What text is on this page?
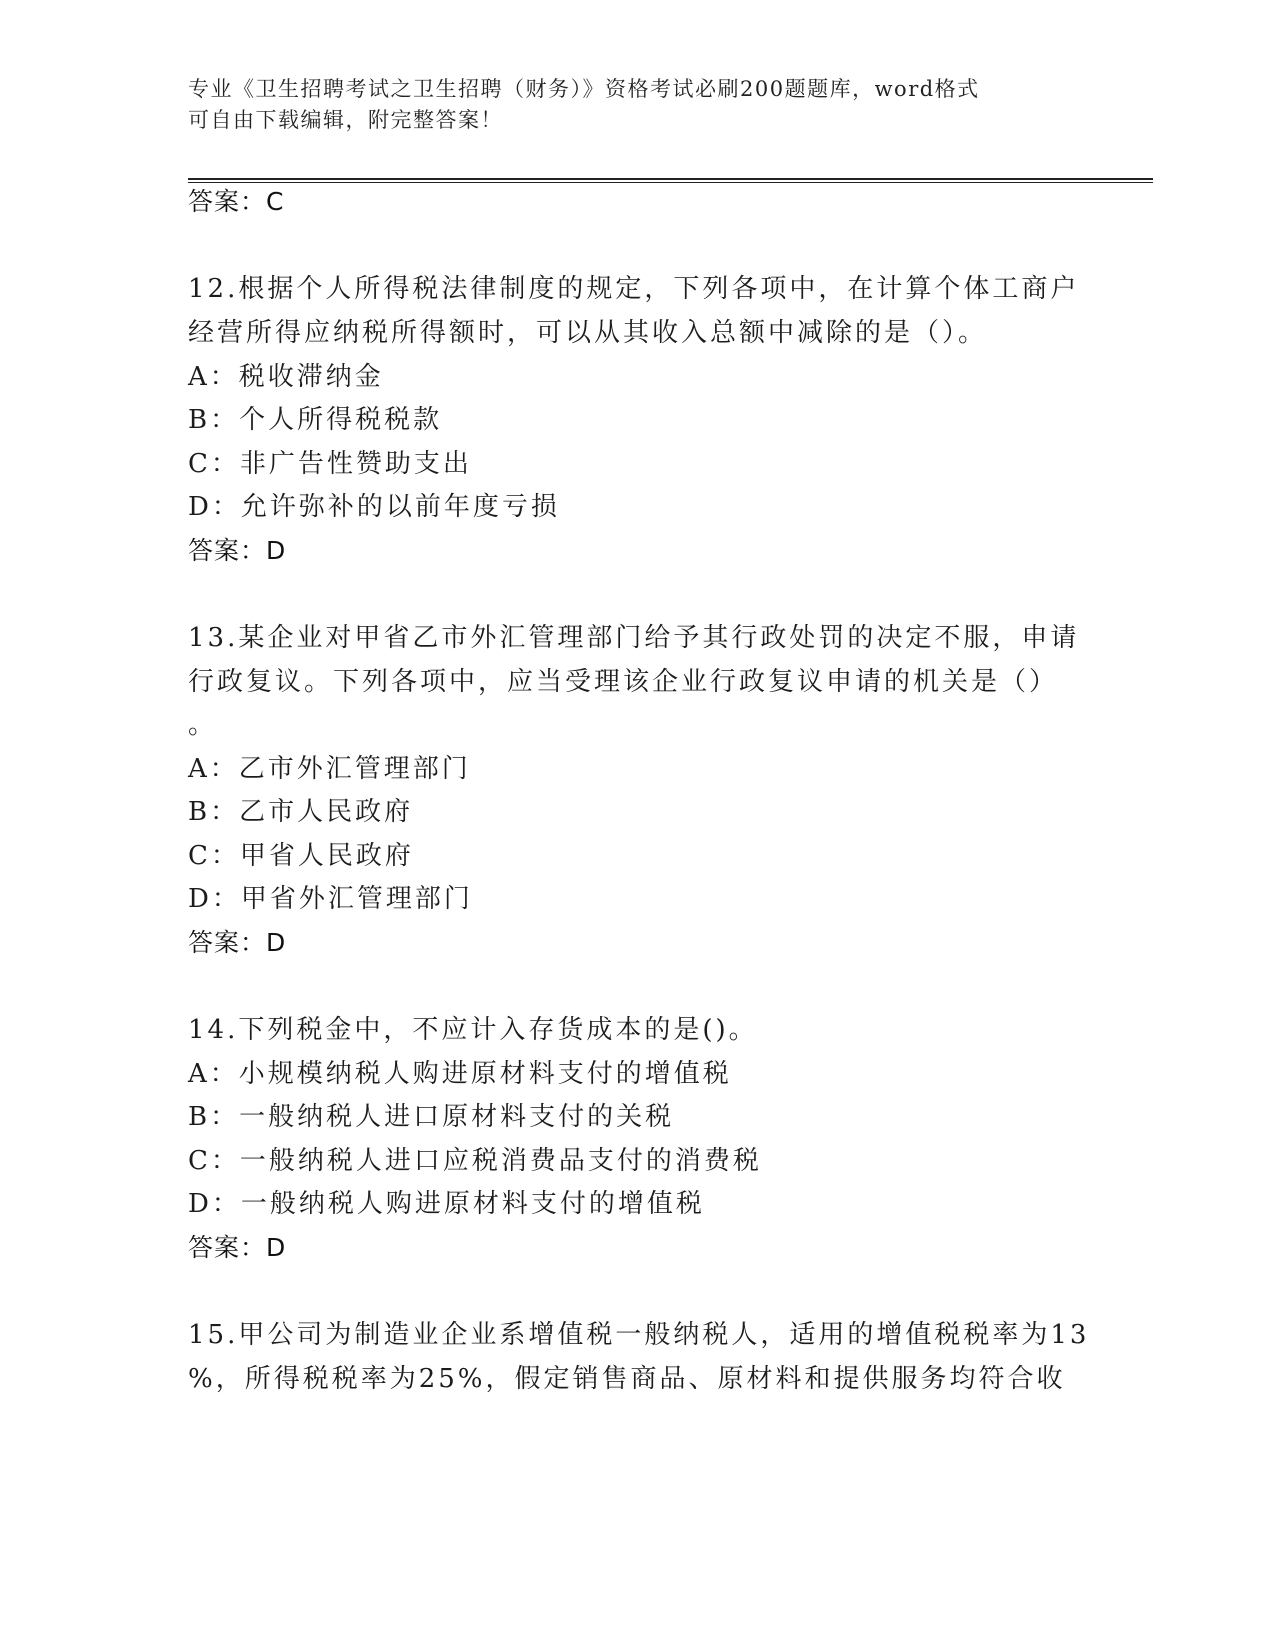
专业《卫生招聘考试之卫生招聘（财务）》资格考试必刷200题题库，word格式
可自由下载编辑，附完整答案！
答案：C
12.根据个人所得税法律制度的规定，下列各项中，在计算个体工商户
经营所得应纳税所得额时，可以从其收入总额中减除的是（）。
A：税收滞纳金
B：个人所得税税款
C：非广告性赞助支出
D：允许弥补的以前年度亏损
答案：D
13.某企业对甲省乙市外汇管理部门给予其行政处罚的决定不服，申请
行政复议。下列各项中，应当受理该企业行政复议申请的机关是（）
。
A：乙市外汇管理部门
B：乙市人民政府
C：甲省人民政府
D：甲省外汇管理部门
答案：D
14.下列税金中，不应计入存货成本的是()。
A：小规模纳税人购进原材料支付的增值税
B：一般纳税人进口原材料支付的关税
C：一般纳税人进口应税消费品支付的消费税
D：一般纳税人购进原材料支付的增值税
答案：D
15.甲公司为制造业企业系增值税一般纳税人，适用的增值税税率为13
%，所得税税率为25%，假定销售商品、原材料和提供服务均符合收
